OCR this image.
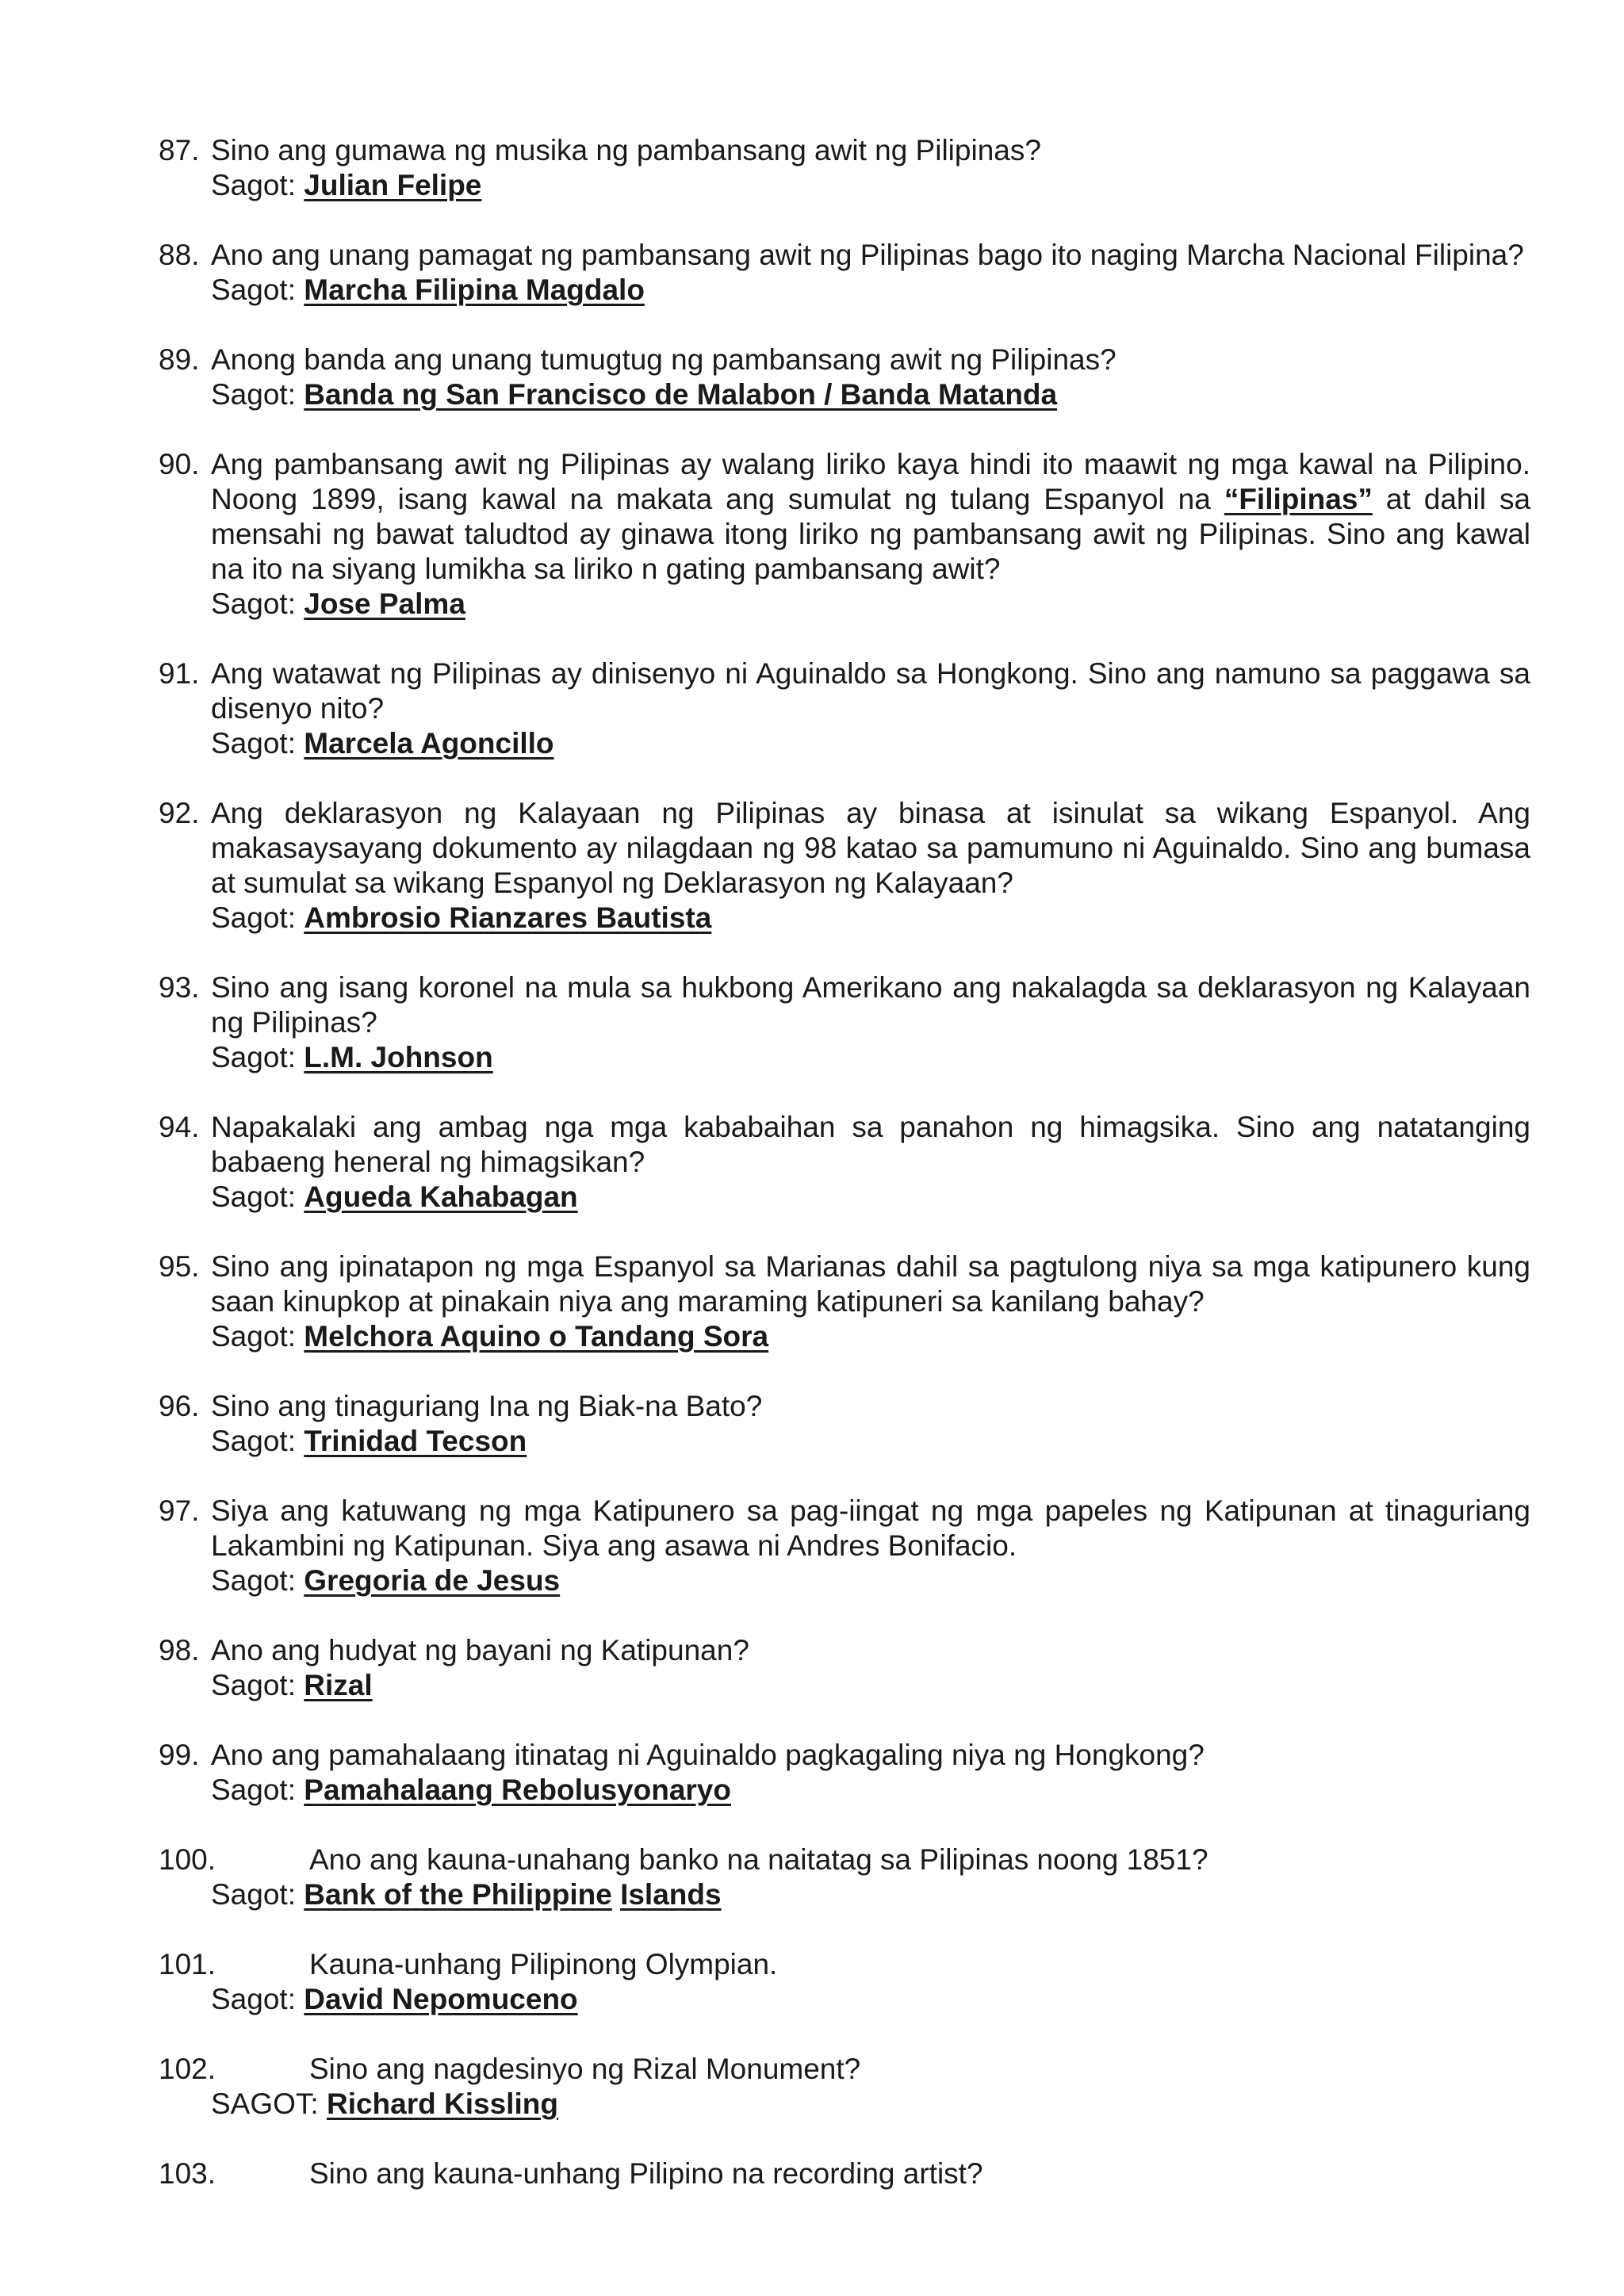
87. Sino ang gumawa ng musika ng pambansang awit ng Pilipinas?
Sagot: Julian Felipe
88. Ano ang unang pamagat ng pambansang awit ng Pilipinas bago ito naging Marcha Nacional Filipina?
Sagot: Marcha Filipina Magdalo
89. Anong banda ang unang tumugtug ng pambansang awit ng Pilipinas?
Sagot: Banda ng San Francisco de Malabon / Banda Matanda
90. Ang pambansang awit ng Pilipinas ay walang liriko kaya hindi ito maawit ng mga kawal na Pilipino. Noong 1899, isang kawal na makata ang sumulat ng tulang Espanyol na “Filipinas” at dahil sa mensahi ng bawat taludtod ay ginawa itong liriko ng pambansang awit ng Pilipinas. Sino ang kawal na ito na siyang lumikha sa liriko n gating pambansang awit?
Sagot: Jose Palma
91. Ang watawat ng Pilipinas ay dinisenyo ni Aguinaldo sa Hongkong. Sino ang namuno sa paggawa sa disenyo nito?
Sagot: Marcela Agoncillo
92. Ang deklarasyon ng Kalayaan ng Pilipinas ay binasa at isinulat sa wikang Espanyol. Ang makasaysayang dokumento ay nilagdaan ng 98 katao sa pamumuno ni Aguinaldo. Sino ang bumasa at sumulat sa wikang Espanyol ng Deklarasyon ng Kalayaan?
Sagot: Ambrosio Rianzares Bautista
93. Sino ang isang koronel na mula sa hukbong Amerikano ang nakalagda sa deklarasyon ng Kalayaan ng Pilipinas?
Sagot: L.M. Johnson
94. Napakalaki ang ambag nga mga kababaihan sa panahon ng himagsika. Sino ang natatanging babaeng heneral ng himagsikan?
Sagot: Agueda Kahabagan
95. Sino ang ipinatapon ng mga Espanyol sa Marianas dahil sa pagtulong niya sa mga katipunero kung saan kinupkop at pinakain niya ang maraming katipuneri sa kanilang bahay?
Sagot: Melchora Aquino o Tandang Sora
96. Sino ang tinaguriang Ina ng Biak-na Bato?
Sagot: Trinidad Tecson
97. Siya ang katuwang ng mga Katipunero sa pag-iingat ng mga papeles ng Katipunan at tinaguriang Lakambini ng Katipunan. Siya ang asawa ni Andres Bonifacio.
Sagot: Gregoria de Jesus
98. Ano ang hudyat ng bayani ng Katipunan?
Sagot: Rizal
99. Ano ang pamahalaang itinatag ni Aguinaldo pagkagaling niya ng Hongkong?
Sagot: Pamahalaang Rebolusyonaryo
100.	Ano ang kauna-unahang banko na naitatag sa Pilipinas noong 1851?
Sagot: Bank of the Philippine Islands
101.	Kauna-unhang Pilipinong Olympian.
Sagot: David Nepomuceno
102.	Sino ang nagdesinyo ng Rizal Monument?
SAGOT: Richard Kissling
103.	Sino ang kauna-unhang Pilipino na recording artist?
